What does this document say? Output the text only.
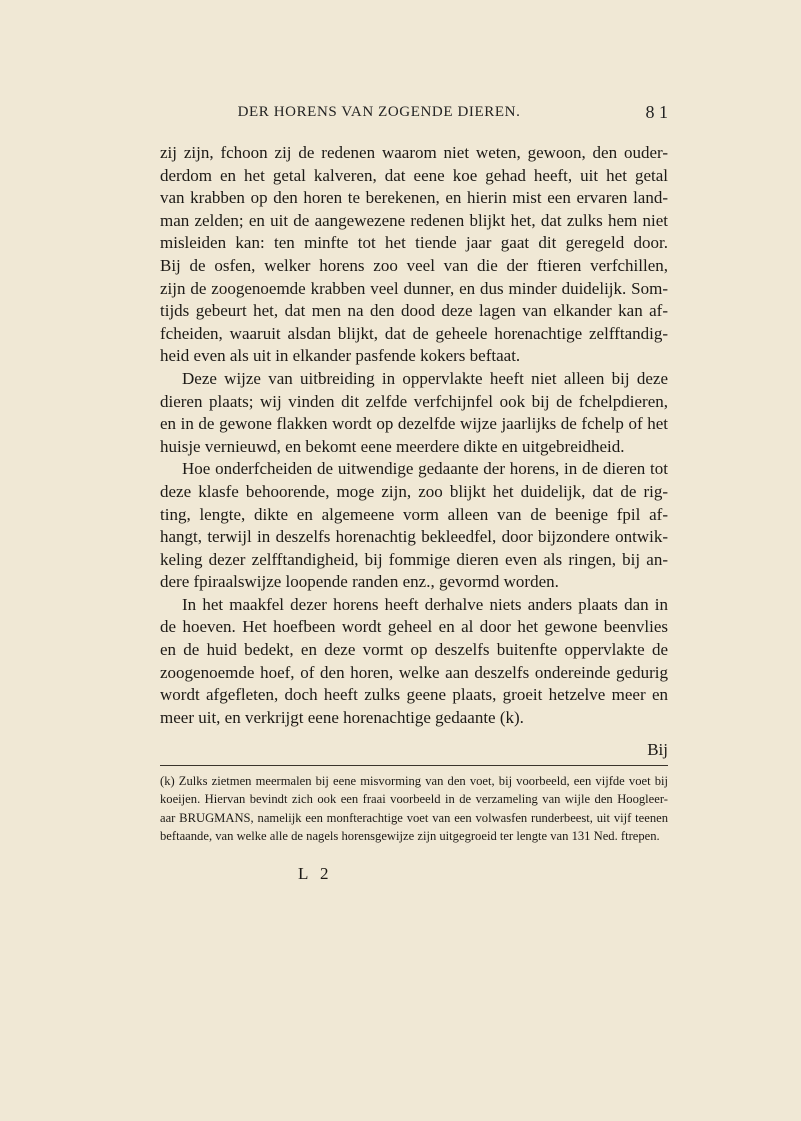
DER HORENS VAN ZOGENDE DIEREN.	8 1
zij zijn, fchoon zij de redenen waarom niet weten, gewoon, den ouder-
derdom en het getal kalveren, dat eene koe gehad heeft, uit het getal
van krabben op den horen te berekenen, en hierin mist een ervaren land-
man zelden; en uit de aangewezene redenen blijkt het, dat zulks hem niet
misleiden kan: ten minfte tot het tiende jaar gaat dit geregeld door.
Bij de osfen, welker horens zoo veel van die der ftieren verfchillen,
zijn de zoogenoemde krabben veel dunner, en dus minder duidelijk. Som-
tijds gebeurt het, dat men na den dood deze lagen van elkander kan af-
fcheiden, waaruit alsdan blijkt, dat de geheele horenachtige zelfftandig-
heid even als uit in elkander pasfende kokers beftaat.
Deze wijze van uitbreiding in oppervlakte heeft niet alleen bij deze
dieren plaats; wij vinden dit zelfde verfchijnfel ook bij de fchelpdieren,
en in de gewone flakken wordt op dezelfde wijze jaarlijks de fchelp of het
huisje vernieuwd, en bekomt eene meerdere dikte en uitgebreidheid.
Hoe onderfcheiden de uitwendige gedaante der horens, in de dieren tot
deze klasfe behoorende, moge zijn, zoo blijkt het duidelijk, dat de rig-
ting, lengte, dikte en algemeene vorm alleen van de beenige fpil af-
hangt, terwijl in deszelfs horenachtig bekleedfel, door bijzondere ontwik-
keling dezer zelfftandigheid, bij fommige dieren even als ringen, bij an-
dere fpiraalswijze loopende randen enz., gevormd worden.
In het maakfel dezer horens heeft derhalve niets anders plaats dan in
de hoeven. Het hoefbeen wordt geheel en al door het gewone beenvlies
en de huid bedekt, en deze vormt op deszelfs buitenfte oppervlakte de
zoogenoemde hoef, of den horen, welke aan deszelfs ondereinde gedurig
wordt afgefleten, doch heeft zulks geene plaats, groeit hetzelve meer en
meer uit, en verkrijgt eene horenachtige gedaante (k).
Bij
(k) Zulks zietmen meermalen bij eene misvorming van den voet, bij voorbeeld, een vijfde voet bij
koeijen. Hiervan bevindt zich ook een fraai voorbeeld in de verzameling van wijle den Hoogleer-
aar BRUGMANS, namelijk een monfterachtige voet van een volwasfen runderbeest, uit vijf teenen
beftaande, van welke alle de nagels horensgewijze zijn uitgegroeid ter lengte van 131 Ned. ftrepen.
L 2
